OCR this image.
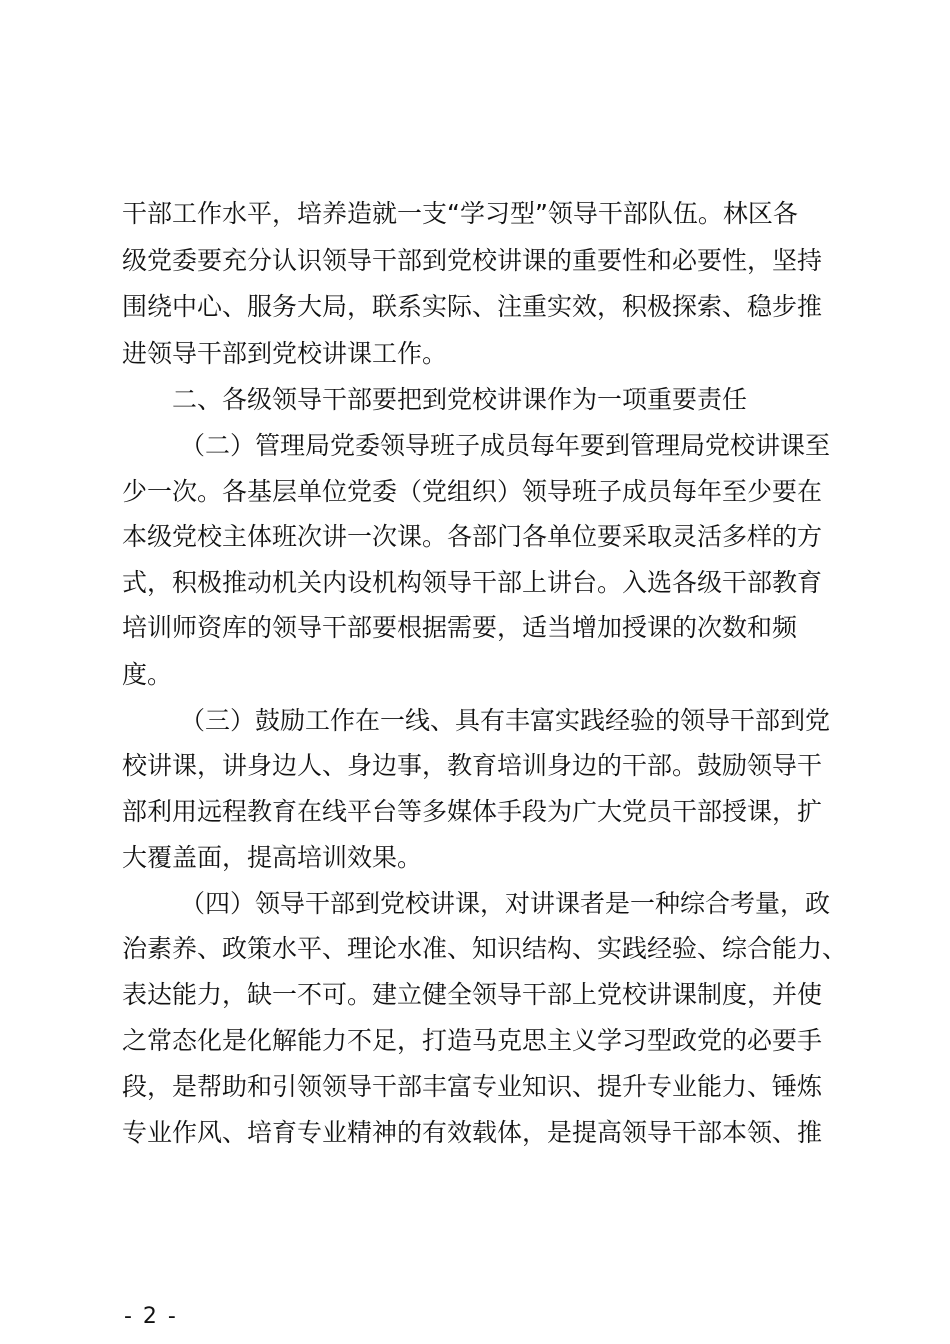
干部工作水平，培养造就一支“学习型”领导干部队伍。林区各
级党委要充分认识领导干部到党校讲课的重要性和必要性，坚持
围绕中心、服务大局，联系实际、注重实效，积极探索、稳步推
进领导干部到党校讲课工作。
二、各级领导干部要把到党校讲课作为一项重要责任
（二）管理局党委领导班子成员每年要到管理局党校讲课至
少一次。各基层单位党委（党组织）领导班子成员每年至少要在
本级党校主体班次讲一次课。各部门各单位要采取灵活多样的方
式，积极推动机关内设机构领导干部上讲台。入选各级干部教育
培训师资库的领导干部要根据需要，适当增加授课的次数和频
度。
（三）鼓励工作在一线、具有丰富实践经验的领导干部到党
校讲课，讲身边人、身边事，教育培训身边的干部。鼓励领导干
部利用远程教育在线平台等多媒体手段为广大党员干部授课，扩
大覆盖面，提高培训效果。
（四）领导干部到党校讲课，对讲课者是一种综合考量，政
治素养、政策水平、理论水准、知识结构、实践经验、综合能力、
表达能力，缺一不可。建立健全领导干部上党校讲课制度，并使
之常态化是化解能力不足，打造马克思主义学习型政党的必要手
段，是帮助和引领领导干部丰富专业知识、提升专业能力、锤炼
专业作风、培育专业精神的有效载体，是提高领导干部本领、推
- 2 -
